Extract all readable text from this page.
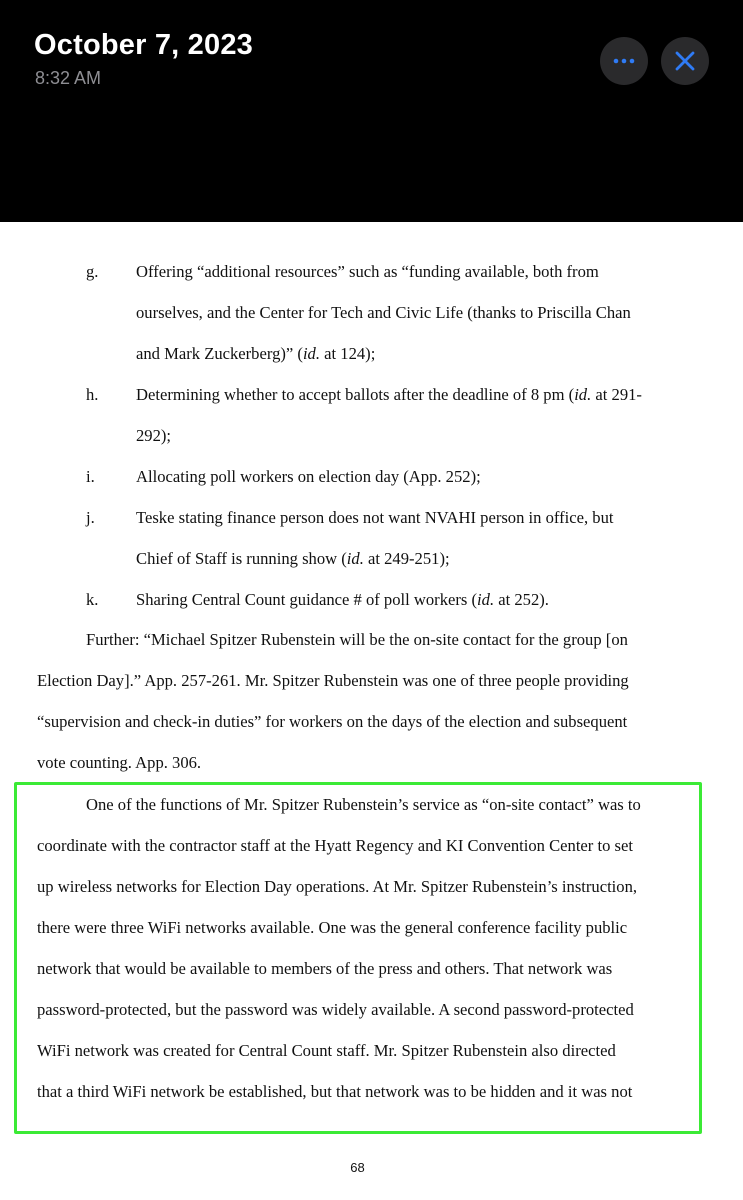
October 7, 2023
8:32 AM
g. Offering “additional resources” such as “funding available, both from
ourselves, and the Center for Tech and Civic Life (thanks to Priscilla Chan
and Mark Zuckerberg)” (id. at 124);
h. Determining whether to accept ballots after the deadline of 8 pm (id. at 291-
292);
i. Allocating poll workers on election day (App. 252);
j. Teske stating finance person does not want NVAHI person in office, but
Chief of Staff is running show (id. at 249-251);
k. Sharing Central Count guidance # of poll workers (id. at 252).
Further: “Michael Spitzer Rubenstein will be the on-site contact for the group [on
Election Day].” App. 257-261. Mr. Spitzer Rubenstein was one of three people providing
“supervision and check-in duties” for workers on the days of the election and subsequent
vote counting. App. 306.
One of the functions of Mr. Spitzer Rubenstein’s service as “on-site contact” was to
coordinate with the contractor staff at the Hyatt Regency and KI Convention Center to set
up wireless networks for Election Day operations. At Mr. Spitzer Rubenstein’s instruction,
there were three WiFi networks available. One was the general conference facility public
network that would be available to members of the press and others. That network was
password-protected, but the password was widely available. A second password-protected
WiFi network was created for Central Count staff. Mr. Spitzer Rubenstein also directed
that a third WiFi network be established, but that network was to be hidden and it was not
68
